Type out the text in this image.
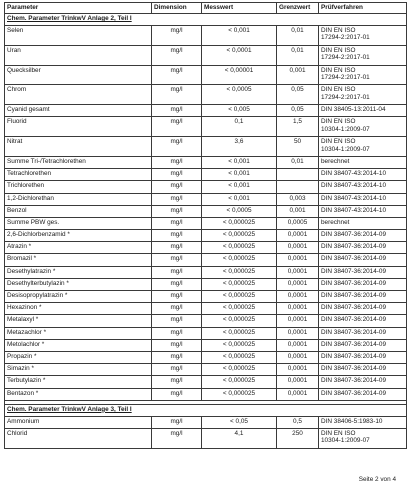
Parameter	Dimension	Messwert	Grenzwert	Prüfverfahren
Chem. Parameter TrinkwV Anlage 2, Teil I				
Selen	mg/l	< 0,001	0,01	DIN EN ISO
17294-2:2017-01

Uran	mg/l	< 0,0001	0,01	DIN EN ISO
17294-2:2017-01

Quecksilber	mg/l	< 0,00001	0,001	DIN EN ISO
17294-2:2017-01

Chrom	mg/l	< 0,0005	0,05	DIN EN ISO
17294-2:2017-01

Cyanid gesamt	mg/l	< 0,005	0,05	DIN 38405-13:2011-04

Fluorid	mg/l	0,1	1,5	DIN EN ISO
10304-1:2009-07

Nitrat	mg/l	3,6	50	DIN EN ISO
10304-1:2009-07

Summe Tri-/Tetrachlorethen	mg/l	< 0,001	0,01	berechnet

Tetrachlorethen	mg/l	< 0,001		DIN 38407-43:2014-10

Trichlorethen	mg/l	< 0,001		DIN 38407-43:2014-10

1,2-Dichlorethan	mg/l	< 0,001	0,003	DIN 38407-43:2014-10

Benzol	mg/l	< 0,0005	0,001	DIN 38407-43:2014-10

Summe PBW ges.	mg/l	< 0,000025	0,0005	berechnet

2,6-Dichlorbenzamid *	mg/l	< 0,000025	0,0001	DIN 38407-36:2014-09

Atrazin *	mg/l	< 0,000025	0,0001	DIN 38407-36:2014-09

Bromazil *	mg/l	< 0,000025	0,0001	DIN 38407-36:2014-09

Desethylatrazin *	mg/l	< 0,000025	0,0001	DIN 38407-36:2014-09

Desethylterbutylazin *	mg/l	< 0,000025	0,0001	DIN 38407-36:2014-09

Desisopropylatrazin *	mg/l	< 0,000025	0,0001	DIN 38407-36:2014-09

Hexazinon *	mg/l	< 0,000025	0,0001	DIN 38407-36:2014-09

Metalaxyl *	mg/l	< 0,000025	0,0001	DIN 38407-36:2014-09

Metazachlor *	mg/l	< 0,000025	0,0001	DIN 38407-36:2014-09

Metolachlor *	mg/l	< 0,000025	0,0001	DIN 38407-36:2014-09

Propazin *	mg/l	< 0,000025	0,0001	DIN 38407-36:2014-09

Simazin *	mg/l	< 0,000025	0,0001	DIN 38407-36:2014-09

Terbutylazin *	mg/l	< 0,000025	0,0001	DIN 38407-36:2014-09

Bentazon *	mg/l	< 0,000025	0,0001	DIN 38407-36:2014-09

Chem. Parameter TrinkwV Anlage 3, Teil I				
Ammonium	mg/l	< 0,05	0,5	DIN 38406-5:1983-10

Chlorid	mg/l	4,1	250	DIN EN ISO
10304-1:2009-07
Seite 2 von 4
